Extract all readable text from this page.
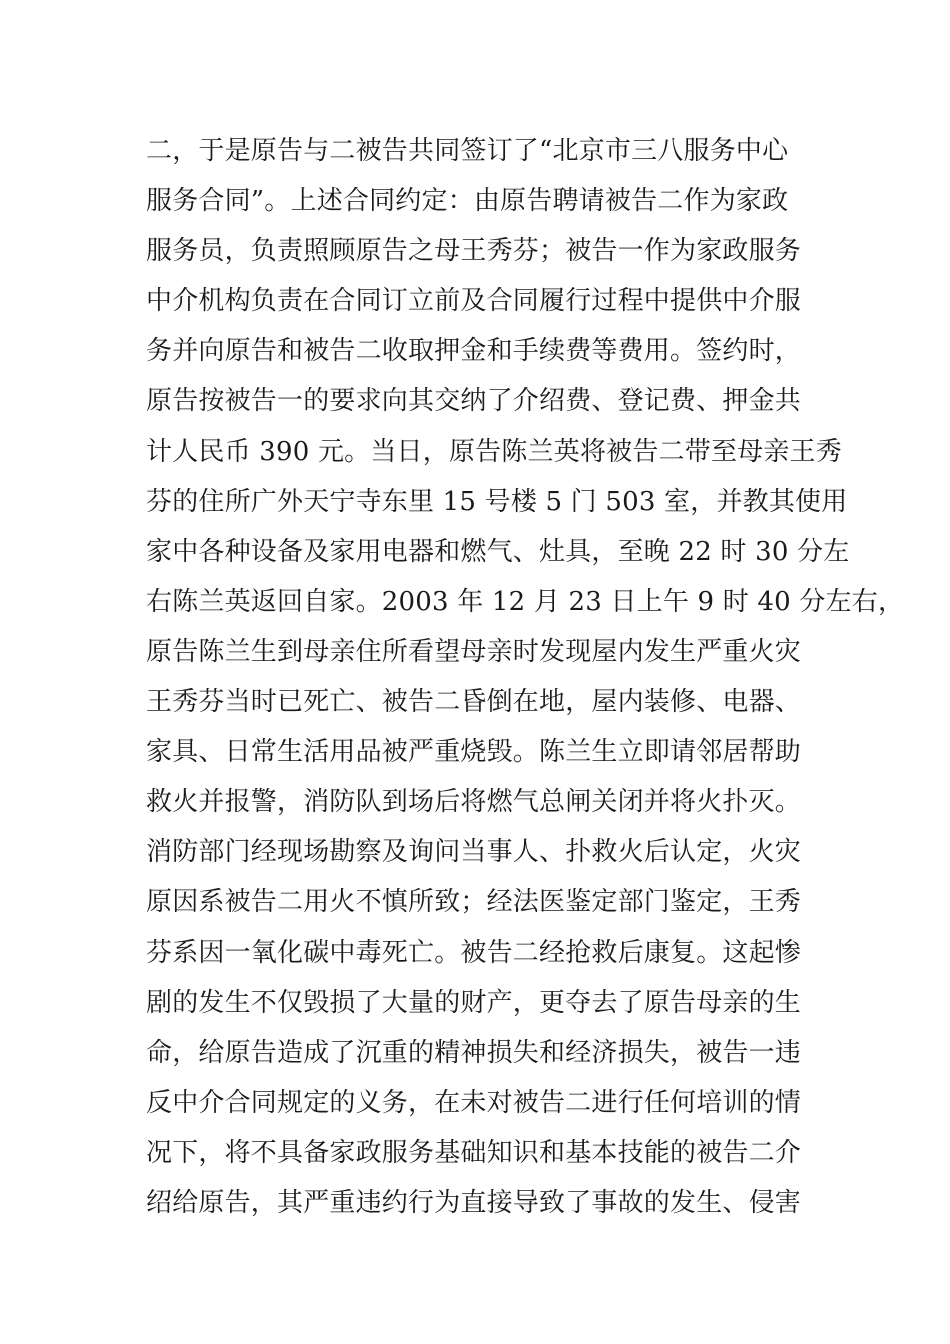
二，于是原告与二被告共同签订了“北京市三八服务中心
服务合同”。上述合同约定：由原告聘请被告二作为家政
服务员，负责照顾原告之母王秀芬；被告一作为家政服务
中介机构负责在合同订立前及合同履行过程中提供中介服
务并向原告和被告二收取押金和手续费等费用。签约时，
原告按被告一的要求向其交纳了介绍费、登记费、押金共
计人民币 390 元。当日，原告陈兰英将被告二带至母亲王秀
芬的住所广外天宁寺东里 15 号楼 5 门 503 室，并教其使用
家中各种设备及家用电器和燃气、灶具，至晚 22 时 30 分左
右陈兰英返回自家。2003 年 12 月 23 日上午 9 时 40 分左右，
原告陈兰生到母亲住所看望母亲时发现屋内发生严重火灾
王秀芬当时已死亡、被告二昏倒在地，屋内装修、电器、
家具、日常生活用品被严重烧毁。陈兰生立即请邻居帮助
救火并报警，消防队到场后将燃气总闸关闭并将火扑灭。
消防部门经现场勘察及询问当事人、扑救火后认定，火灾
原因系被告二用火不慎所致；经法医鉴定部门鉴定，王秀
芬系因一氧化碳中毒死亡。被告二经抢救后康复。这起惨
剧的发生不仅毁损了大量的财产，更夺去了原告母亲的生
命，给原告造成了沉重的精神损失和经济损失，被告一违
反中介合同规定的义务，在未对被告二进行任何培训的情
况下，将不具备家政服务基础知识和基本技能的被告二介
绍给原告，其严重违约行为直接导致了事故的发生、侵害
